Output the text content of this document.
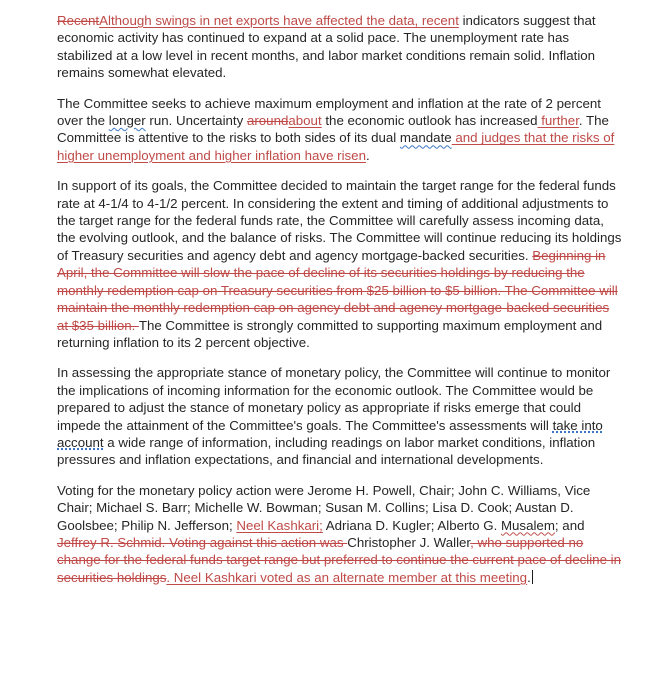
RecentAlthough swings in net exports have affected the data, recent indicators suggest that economic activity has continued to expand at a solid pace. The unemployment rate has stabilized at a low level in recent months, and labor market conditions remain solid. Inflation remains somewhat elevated.

The Committee seeks to achieve maximum employment and inflation at the rate of 2 percent over the longer run. Uncertainty aroundabout the economic outlook has increased further. The Committee is attentive to the risks to both sides of its dual mandate and judges that the risks of higher unemployment and higher inflation have risen.

In support of its goals, the Committee decided to maintain the target range for the federal funds rate at 4-1/4 to 4-1/2 percent. In considering the extent and timing of additional adjustments to the target range for the federal funds rate, the Committee will carefully assess incoming data, the evolving outlook, and the balance of risks. The Committee will continue reducing its holdings of Treasury securities and agency debt and agency mortgage-backed securities. Beginning in April, the Committee will slow the pace of decline of its securities holdings by reducing the monthly redemption cap on Treasury securities from $25 billion to $5 billion. The Committee will maintain the monthly redemption cap on agency debt and agency mortgage-backed securities at $35 billion. The Committee is strongly committed to supporting maximum employment and returning inflation to its 2 percent objective.

In assessing the appropriate stance of monetary policy, the Committee will continue to monitor the implications of incoming information for the economic outlook. The Committee would be prepared to adjust the stance of monetary policy as appropriate if risks emerge that could impede the attainment of the Committee's goals. The Committee's assessments will take into account a wide range of information, including readings on labor market conditions, inflation pressures and inflation expectations, and financial and international developments.

Voting for the monetary policy action were Jerome H. Powell, Chair; John C. Williams, Vice Chair; Michael S. Barr; Michelle W. Bowman; Susan M. Collins; Lisa D. Cook; Austan D. Goolsbee; Philip N. Jefferson; Neel Kashkari; Adriana D. Kugler; Alberto G. Musalem; and Jeffrey R. Schmid. Voting against this action was Christopher J. Waller, who supported no change for the federal funds target range but preferred to continue the current pace of decline in securities holdings. Neel Kashkari voted as an alternate member at this meeting.
